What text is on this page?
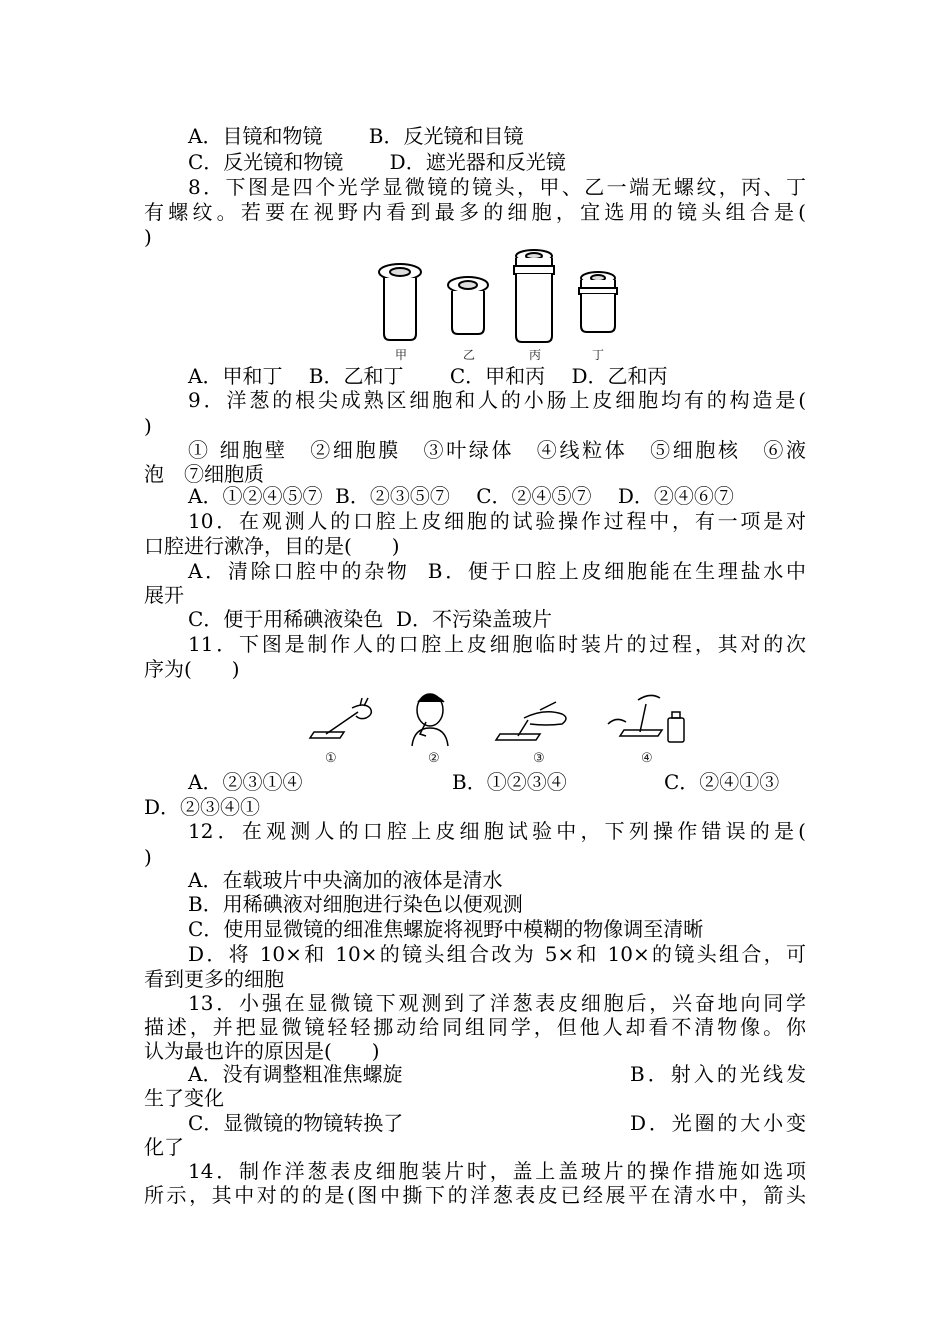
A．目镜和物镜　　 B．反光镜和目镜
C．反光镜和物镜　　 D．遮光器和反光镜
8．下图是四个光学显微镜的镜头，甲、乙一端无螺纹，丙、丁
有螺纹。若要在视野内看到最多的细胞，宜选用的镜头组合是(
)
甲	乙	丙	丁
A．甲和丁　 B．乙和丁　　 C．甲和丙　 D．乙和丙
9．洋葱的根尖成熟区细胞和人的小肠上皮细胞均有的构造是(
)
① 细胞壁　②细胞膜　③叶绿体　④线粒体　⑤细胞核　⑥液
泡　⑦细胞质
A．①②④⑤⑦  B．②③⑤⑦　 C．②④⑤⑦　 D．②④⑥⑦
10．在观测人的口腔上皮细胞的试验操作过程中，有一项是对
口腔进行漱净，目的是(　　)
A．清除口腔中的杂物  B．便于口腔上皮细胞能在生理盐水中
展开
C．便于用稀碘液染色  D．不污染盖玻片
11．下图是制作人的口腔上皮细胞临时装片的过程，其对的次
序为(　　)
①	②	③	④
A．②③①④	B．①②③④	C．②④①③
D．②③④①
12．在观测人的口腔上皮细胞试验中，下列操作错误的是(
)
A．在载玻片中央滴加的液体是清水
B．用稀碘液对细胞进行染色以便观测
C．使用显微镜的细准焦螺旋将视野中模糊的物像调至清晰
D．将 10×和 10×的镜头组合改为 5×和 10×的镜头组合，可
看到更多的细胞
13．小强在显微镜下观测到了洋葱表皮细胞后，兴奋地向同学
描述，并把显微镜轻轻挪动给同组同学，但他人却看不清物像。你
认为最也许的原因是(　　)
A．没有调整粗准焦螺旋	B．射入的光线发
生了变化
C．显微镜的物镜转换了	D．光圈的大小变
化了
14．制作洋葱表皮细胞装片时，盖上盖玻片的操作措施如选项
所示，其中对的的是(图中撕下的洋葱表皮已经展平在清水中，箭头
